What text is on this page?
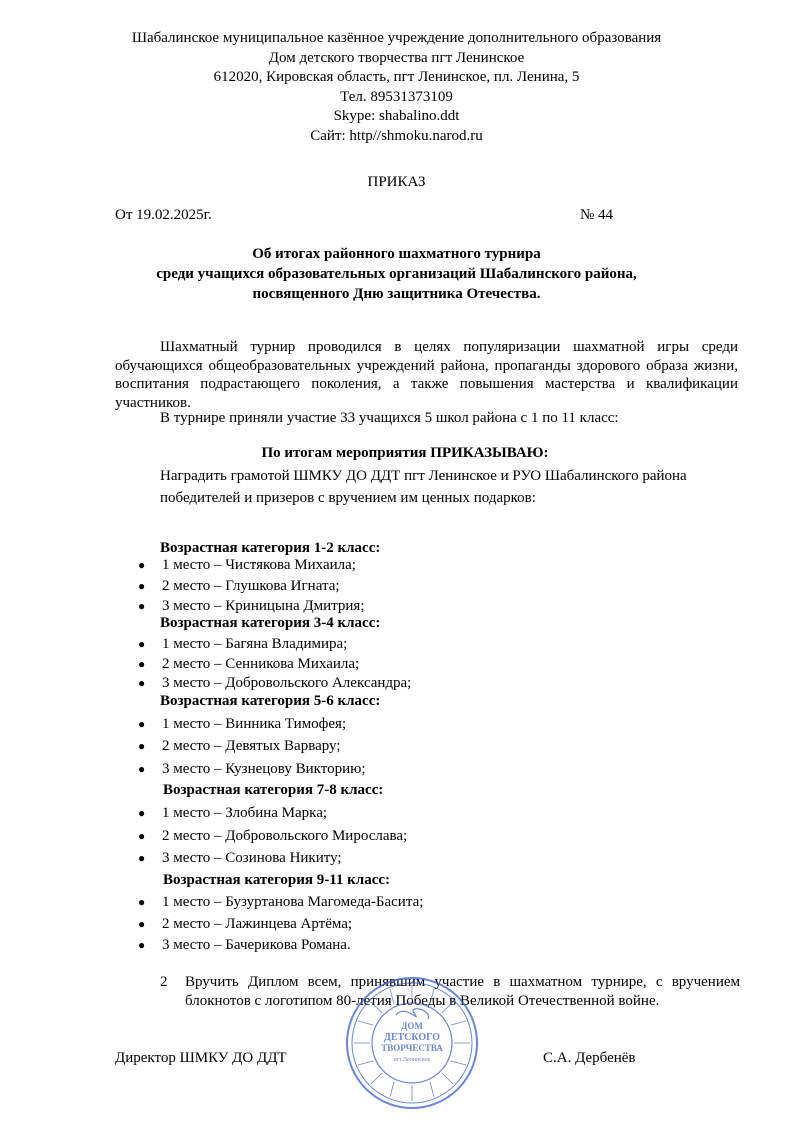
Шабалинское муниципальное казённое учреждение дополнительного образования
Дом детского творчества пгт Ленинское
612020, Кировская область, пгт Ленинское, пл. Ленина, 5
Тел. 89531373109
Skype: shabalino.ddt
Сайт: http//shmoku.narod.ru
ПРИКАЗ
От 19.02.2025г.	№ 44
Об итогах районного шахматного турнира
среди учащихся образовательных организаций Шабалинского района,
посвященного Дню защитника Отечества.
Шахматный турнир проводился в целях популяризации шахматной игры среди обучающихся общеобразовательных учреждений района, пропаганды здорового образа жизни, воспитания подрастающего поколения, а также повышения мастерства и квалификации участников.
В турнире приняли участие 33 учащихся 5 школ района с 1 по 11 класс:
По итогам мероприятия ПРИКАЗЫВАЮ:
Наградить грамотой ШМКУ ДО ДДТ пгт Ленинское и РУО Шабалинского района
победителей и призеров с вручением им ценных подарков:
Возрастная категория 1-2 класс:
● 1 место – Чистякова Михаила;
● 2 место – Глушкова Игната;
● 3 место – Криницына Дмитрия;
Возрастная категория 3-4 класс:
● 1 место – Багяна Владимира;
● 2 место – Сенникова Михаила;
● 3 место – Добровольского Александра;
Возрастная категория 5-6 класс:
● 1 место – Винника Тимофея;
● 2 место – Девятых Варвару;
● 3 место – Кузнецову Викторию;
Возрастная категория 7-8 класс:
● 1 место – Злобина Марка;
● 2 место – Добровольского Мирослава;
● 3 место – Созинова Никиту;
Возрастная категория 9-11 класс:
● 1 место – Бузуртанова Магомеда-Басита;
● 2 место – Лажинцева Артёма;
● 3 место – Бачерикова Романа.
2 Вручить Диплом всем, принявшим участие в шахматном турнире, с вручением блокнотов с логотипом 80-летия Победы в Великой Отечественной войне.
ДОМ
ДЕТСКОГО
ТВОРЧЕСТВА
пгт.Ленинское
Директор ШМКУ ДО ДДТ	С.А. Дербенёв
